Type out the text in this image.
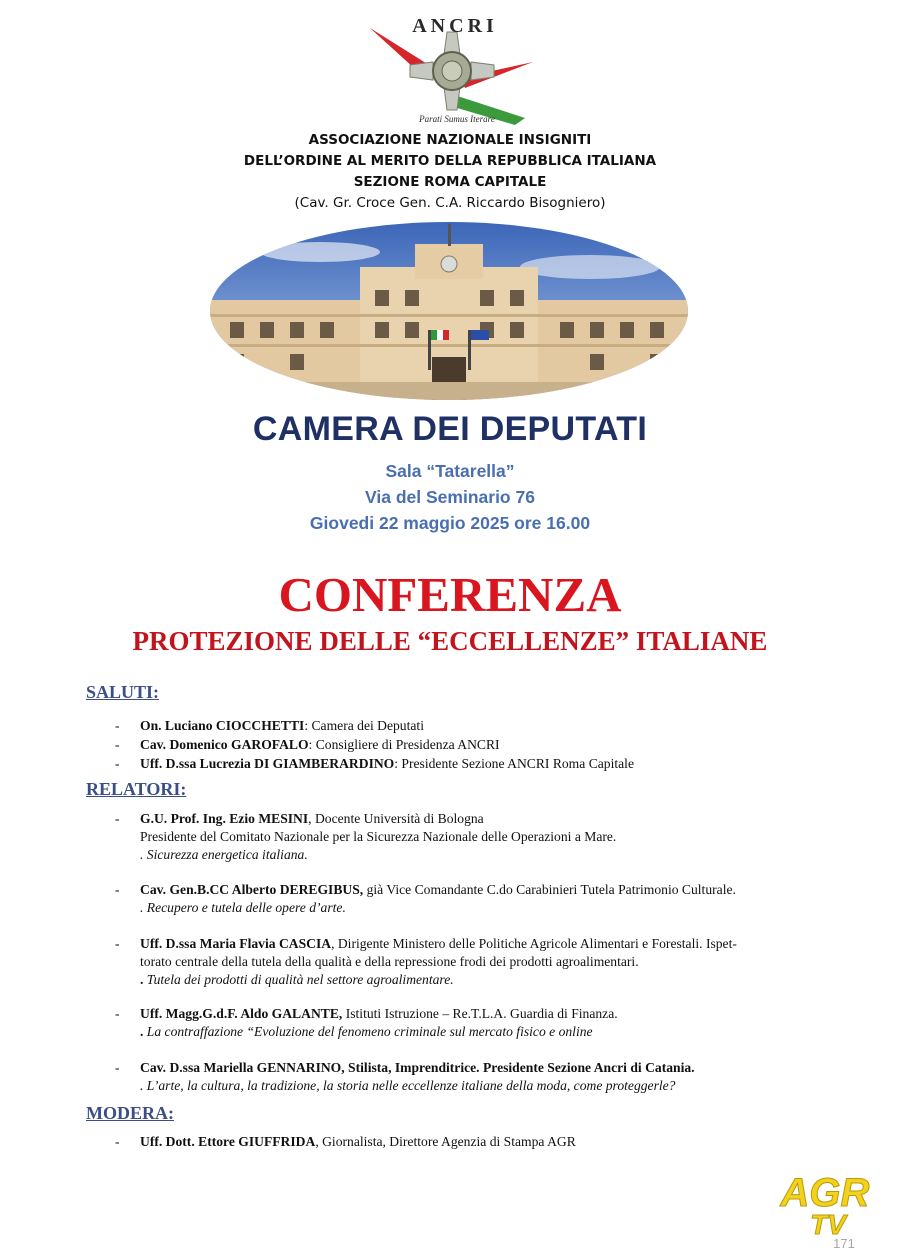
ANCRI
Parati Sumus Iterare
ASSOCIAZIONE NAZIONALE INSIGNITI
DELL’ORDINE AL MERITO DELLA REPUBBLICA ITALIANA
SEZIONE ROMA CAPITALE
(Cav. Gr. Croce Gen. C.A. Riccardo Bisogniero)
CAMERA DEI DEPUTATI
Sala “Tatarella”
Via del Seminario 76
Giovedi 22 maggio 2025 ore 16.00
CONFERENZA
PROTEZIONE DELLE “ECCELLENZE” ITALIANE
SALUTI:
- On. Luciano CIOCCHETTI: Camera dei Deputati
- Cav. Domenico GAROFALO: Consigliere di Presidenza ANCRI
- Uff. D.ssa Lucrezia DI GIAMBERARDINO: Presidente Sezione ANCRI Roma Capitale
RELATORI:
- G.U. Prof. Ing. Ezio MESINI, Docente Università di Bologna
Presidente del Comitato Nazionale per la Sicurezza Nazionale delle Operazioni a Mare.
. Sicurezza energetica italiana.
- Cav. Gen.B.CC Alberto DEREGIBUS, già Vice Comandante C.do Carabinieri Tutela Patrimonio Culturale.
. Recupero e tutela delle opere d’arte.
- Uff. D.ssa Maria Flavia CASCIA, Dirigente Ministero delle Politiche Agricole Alimentari e Forestali. Ispet-
torato centrale della tutela della qualità e della repressione frodi dei prodotti agroalimentari.
. Tutela dei prodotti di qualità nel settore agroalimentare.
- Uff. Magg.G.d.F. Aldo GALANTE, Istituti Istruzione – Re.T.L.A. Guardia di Finanza.
. La contraffazione “Evoluzione del fenomeno criminale sul mercato fisico e online
- Cav. D.ssa Mariella GENNARINO, Stilista, Imprenditrice. Presidente Sezione Ancri di Catania.
. L’arte, la cultura, la tradizione, la storia nelle eccellenze italiane della moda, come proteggerle?
MODERA:
- Uff. Dott. Ettore GIUFFRIDA, Giornalista, Direttore Agenzia di Stampa AGR
AGR
TV
171
